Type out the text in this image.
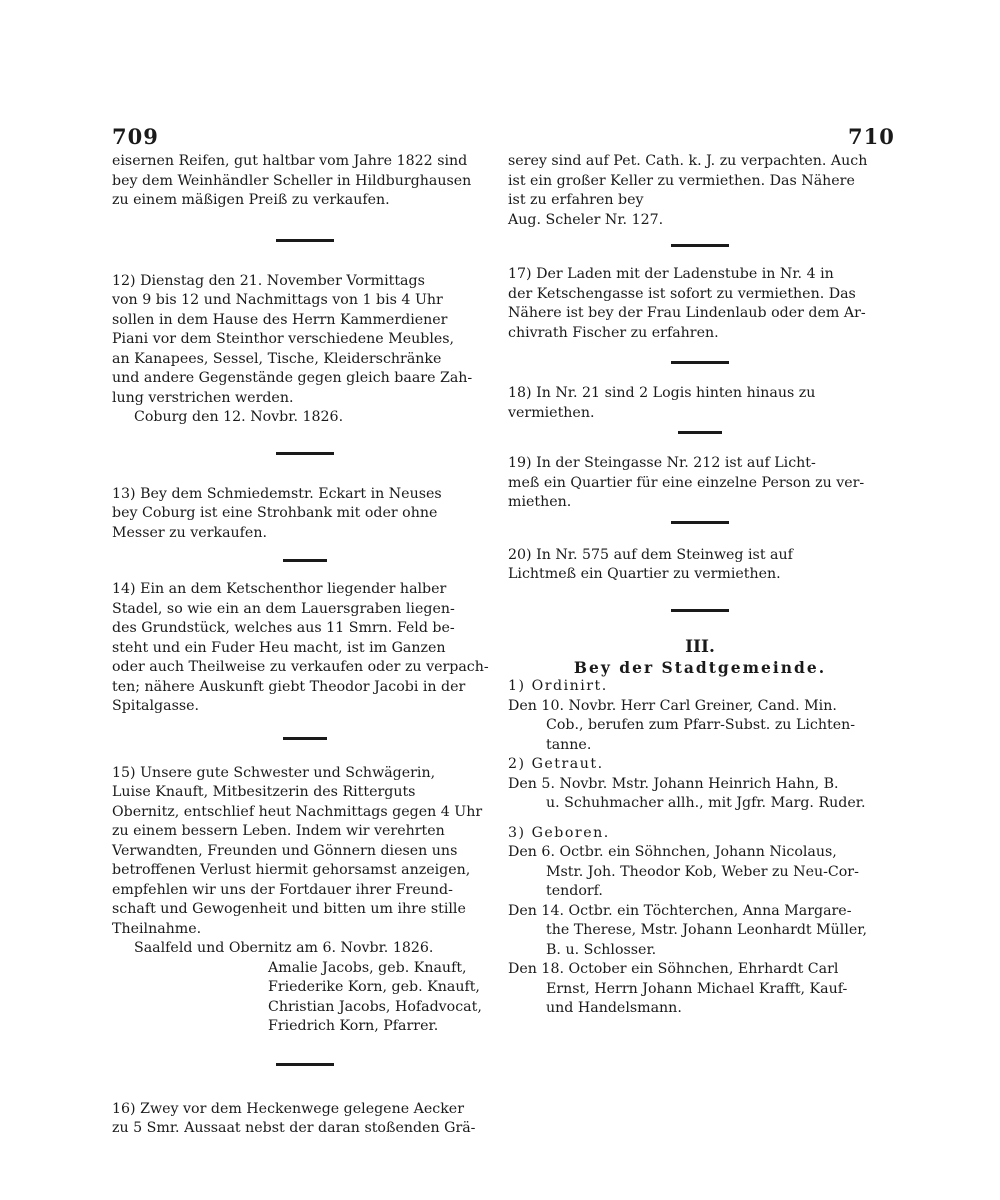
709	710

eisernen Reifen, gut haltbar vom Jahre 1822 sind
bey dem Weinhändler Scheller in Hildburghausen
zu einem mäßigen Preiß zu verkaufen.

12) Dienstag den 21. November Vormittags
von 9 bis 12 und Nachmittags von 1 bis 4 Uhr
sollen in dem Hause des Herrn Kammerdiener
Piani vor dem Steinthor verschiedene Meubles,
an Kanapees, Sessel, Tische, Kleiderschränke
und andere Gegenstände gegen gleich baare Zah-
lung verstrichen werden.

Coburg den 12. Novbr. 1826.

13) Bey dem Schmiedemstr. Eckart in Neuses
bey Coburg ist eine Strohbank mit oder ohne
Messer zu verkaufen.

14) Ein an dem Ketschenthor liegender halber
Stadel, so wie ein an dem Lauersgraben liegen-
des Grundstück, welches aus 11 Smrn. Feld be-
steht und ein Fuder Heu macht, ist im Ganzen
oder auch Theilweise zu verkaufen oder zu verpach-
ten; nähere Auskunft giebt Theodor Jacobi in der
Spitalgasse.

15) Unsere gute Schwester und Schwägerin,
Luise Knauft, Mitbesitzerin des Ritterguts
Obernitz, entschlief heut Nachmittags gegen 4 Uhr
zu einem bessern Leben. Indem wir verehrten
Verwandten, Freunden und Gönnern diesen uns
betroffenen Verlust hiermit gehorsamst anzeigen,
empfehlen wir uns der Fortdauer ihrer Freund-
schaft und Gewogenheit und bitten um ihre stille
Theilnahme.

Saalfeld und Obernitz am 6. Novbr. 1826.

Amalie Jacobs, geb. Knauft,
Friederike Korn, geb. Knauft,
Christian Jacobs, Hofadvocat,
Friedrich Korn, Pfarrer.

16) Zwey vor dem Heckenwege gelegene Aecker
zu 5 Smr. Aussaat nebst der daran stoßenden Grä-

serey sind auf Pet. Cath. k. J. zu verpachten. Auch
ist ein großer Keller zu vermiethen. Das Nähere
ist zu erfahren bey

Aug. Scheler Nr. 127.

17) Der Laden mit der Ladenstube in Nr. 4 in
der Ketschengasse ist sofort zu vermiethen. Das
Nähere ist bey der Frau Lindenlaub oder dem Ar-
chivrath Fischer zu erfahren.

18) In Nr. 21 sind 2 Logis hinten hinaus zu
vermiethen.

19) In der Steingasse Nr. 212 ist auf Licht-
meß ein Quartier für eine einzelne Person zu ver-
miethen.

20) In Nr. 575 auf dem Steinweg ist auf
Lichtmeß ein Quartier zu vermiethen.

III.
Bey der Stadtgemeinde.

1) Ordinirt.

Den 10. Novbr. Herr Carl Greiner, Cand. Min.
Cob., berufen zum Pfarr-Subst. zu Lichten-
tanne.

2) Getraut.

Den 5. Novbr. Mstr. Johann Heinrich Hahn, B.
u. Schuhmacher allh., mit Jgfr. Marg. Ruder.

3) Geboren.

Den 6. Octbr. ein Söhnchen, Johann Nicolaus,
Mstr. Joh. Theodor Kob, Weber zu Neu-Cor-
tendorf.

Den 14. Octbr. ein Töchterchen, Anna Margare-
the Therese, Mstr. Johann Leonhardt Müller,
B. u. Schlosser.

Den 18. October ein Söhnchen, Ehrhardt Carl
Ernst, Herrn Johann Michael Krafft, Kauf-
und Handelsmann.
